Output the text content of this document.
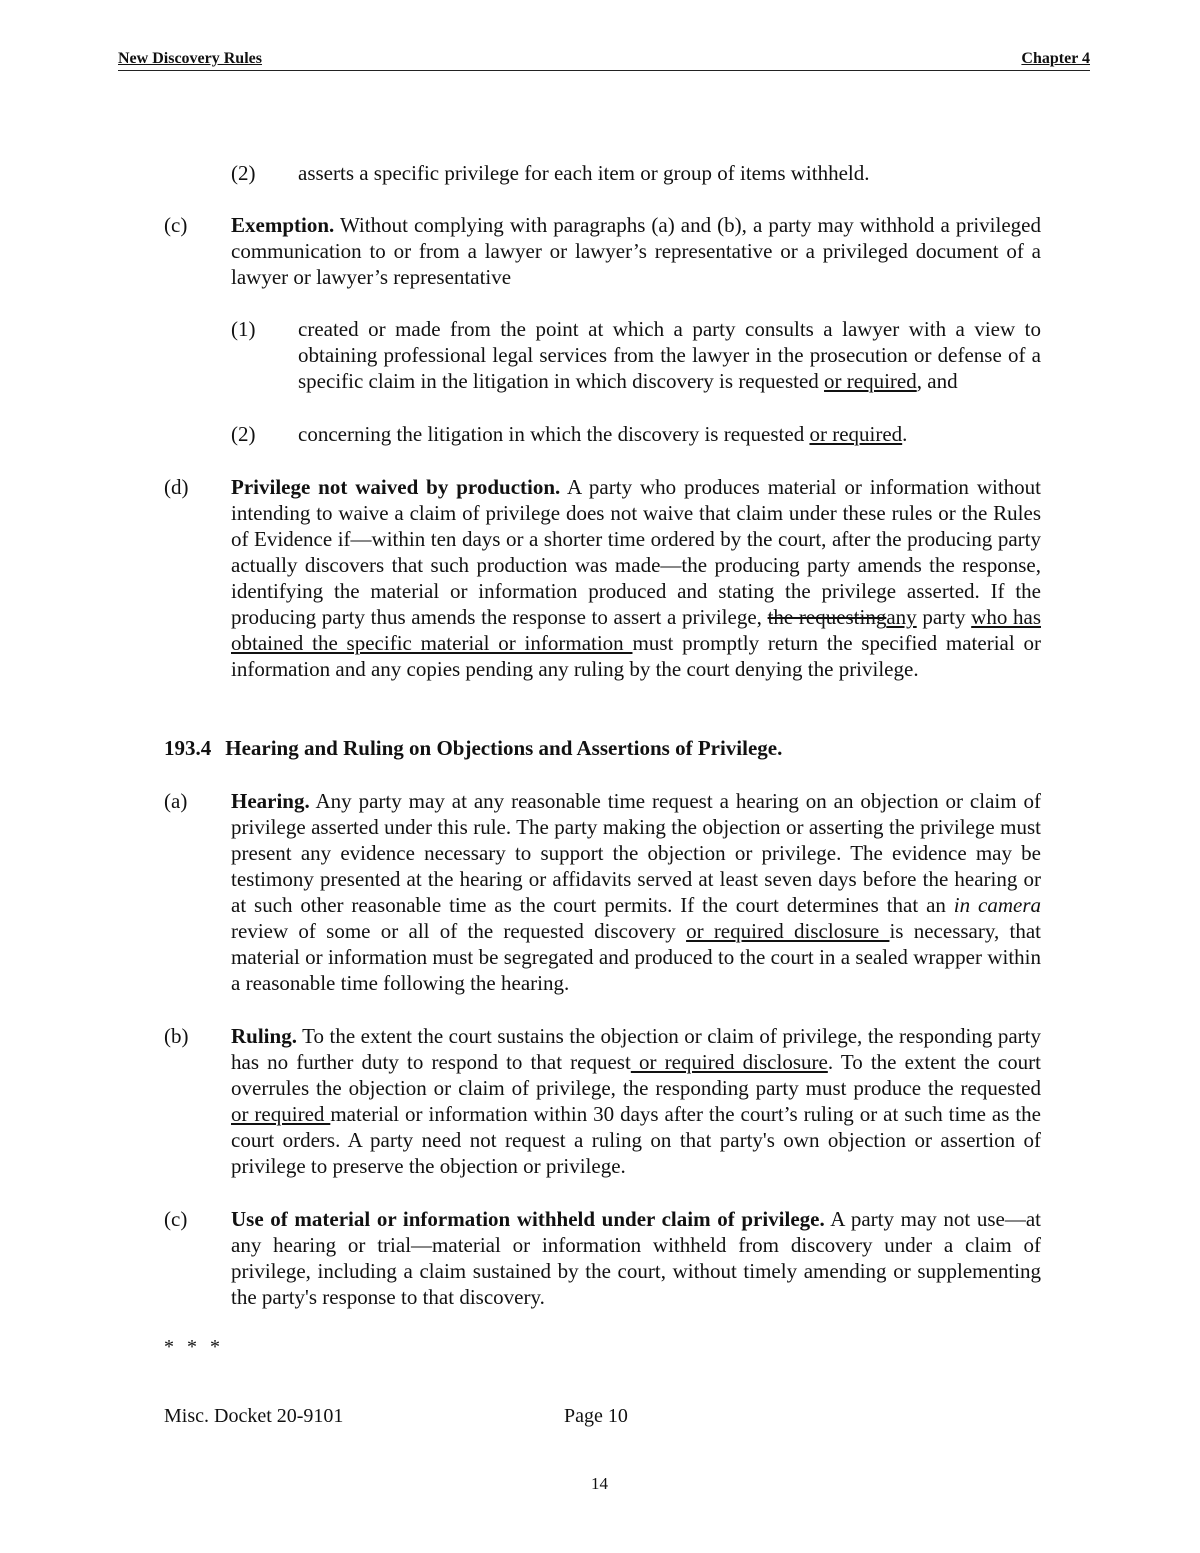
New Discovery Rules	Chapter 4
(2) asserts a specific privilege for each item or group of items withheld.
(c) Exemption. Without complying with paragraphs (a) and (b), a party may withhold a privileged communication to or from a lawyer or lawyer’s representative or a privileged document of a lawyer or lawyer’s representative
(1) created or made from the point at which a party consults a lawyer with a view to obtaining professional legal services from the lawyer in the prosecution or defense of a specific claim in the litigation in which discovery is requested or required, and
(2) concerning the litigation in which the discovery is requested or required.
(d) Privilege not waived by production. A party who produces material or information without intending to waive a claim of privilege does not waive that claim under these rules or the Rules of Evidence if—within ten days or a shorter time ordered by the court, after the producing party actually discovers that such production was made—the producing party amends the response, identifying the material or information produced and stating the privilege asserted. If the producing party thus amends the response to assert a privilege, the requestingany party who has obtained the specific material or information must promptly return the specified material or information and any copies pending any ruling by the court denying the privilege.
193.4 Hearing and Ruling on Objections and Assertions of Privilege.
(a) Hearing. Any party may at any reasonable time request a hearing on an objection or claim of privilege asserted under this rule. The party making the objection or asserting the privilege must present any evidence necessary to support the objection or privilege. The evidence may be testimony presented at the hearing or affidavits served at least seven days before the hearing or at such other reasonable time as the court permits. If the court determines that an in camera review of some or all of the requested discovery or required disclosure is necessary, that material or information must be segregated and produced to the court in a sealed wrapper within a reasonable time following the hearing.
(b) Ruling. To the extent the court sustains the objection or claim of privilege, the responding party has no further duty to respond to that request or required disclosure. To the extent the court overrules the objection or claim of privilege, the responding party must produce the requested or required material or information within 30 days after the court’s ruling or at such time as the court orders. A party need not request a ruling on that party's own objection or assertion of privilege to preserve the objection or privilege.
(c) Use of material or information withheld under claim of privilege. A party may not use—at any hearing or trial—material or information withheld from discovery under a claim of privilege, including a claim sustained by the court, without timely amending or supplementing the party's response to that discovery.
* * *
Misc. Docket 20-9101	Page 10
14
